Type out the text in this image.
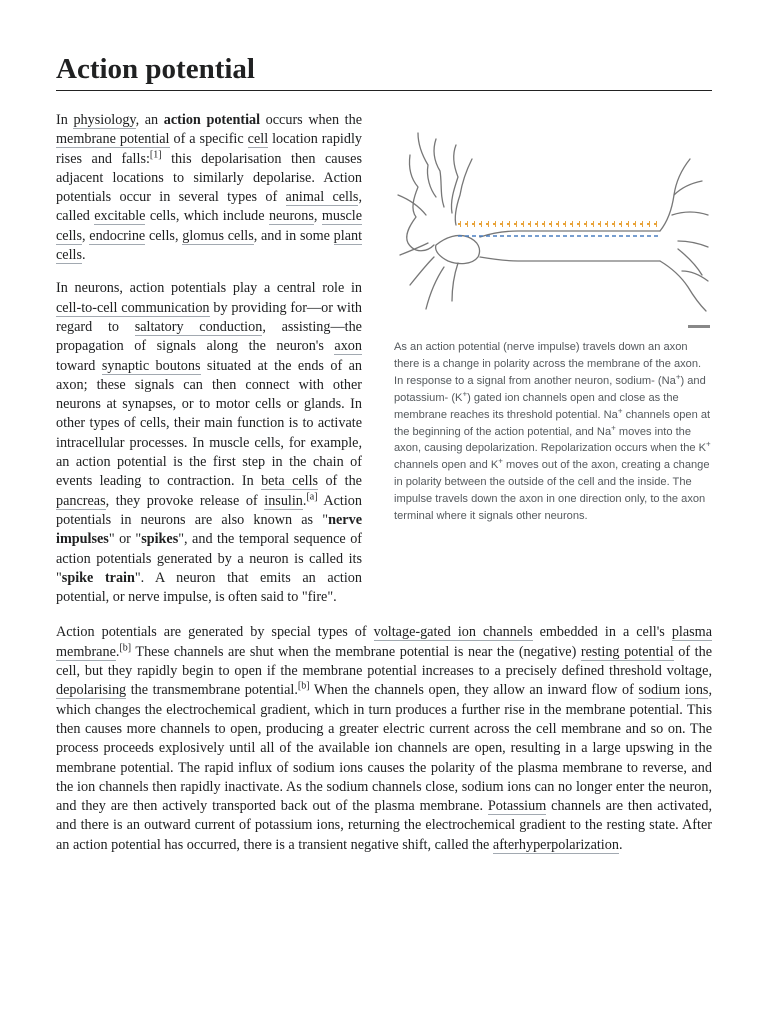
Action potential

As an action potential (nerve impulse) travels down an axon there is a change in polarity across the membrane of the axon. In response to a signal from another neuron, sodium- (Na+) and potassium- (K+) gated ion channels open and close as the membrane reaches its threshold potential. Na+ channels open at the beginning of the action potential, and Na+ moves into the axon, causing depolarization. Repolarization occurs when the K+ channels open and K+ moves out of the axon, creating a change in polarity between the outside of the cell and the inside. The impulse travels down the axon in one direction only, to the axon terminal where it signals other neurons.
In physiology, an action potential occurs when the membrane potential of a specific cell location rapidly rises and falls:[1] this depolarisation then causes adjacent locations to similarly depolarise. Action potentials occur in several types of animal cells, called excitable cells, which include neurons, muscle cells, endocrine cells, glomus cells, and in some plant cells.

In neurons, action potentials play a central role in cell-to-cell communication by providing for—or with regard to saltatory conduction, assisting—the propagation of signals along the neuron's axon toward synaptic boutons situated at the ends of an axon; these signals can then connect with other neurons at synapses, or to motor cells or glands. In other types of cells, their main function is to activate intracellular processes. In muscle cells, for example, an action potential is the first step in the chain of events leading to contraction. In beta cells of the pancreas, they provoke release of insulin.[a] Action potentials in neurons are also known as "nerve impulses" or "spikes", and the temporal sequence of action potentials generated by a neuron is called its "spike train". A neuron that emits an action potential, or nerve impulse, is often said to "fire".

Action potentials are generated by special types of voltage-gated ion channels embedded in a cell's plasma membrane.[b] These channels are shut when the membrane potential is near the (negative) resting potential of the cell, but they rapidly begin to open if the membrane potential increases to a precisely defined threshold voltage, depolarising the transmembrane potential.[b] When the channels open, they allow an inward flow of sodium ions, which changes the electrochemical gradient, which in turn produces a further rise in the membrane potential. This then causes more channels to open, producing a greater electric current across the cell membrane and so on. The process proceeds explosively until all of the available ion channels are open, resulting in a large upswing in the membrane potential. The rapid influx of sodium ions causes the polarity of the plasma membrane to reverse, and the ion channels then rapidly inactivate. As the sodium channels close, sodium ions can no longer enter the neuron, and they are then actively transported back out of the plasma membrane. Potassium channels are then activated, and there is an outward current of potassium ions, returning the electrochemical gradient to the resting state. After an action potential has occurred, there is a transient negative shift, called the afterhyperpolarization.
